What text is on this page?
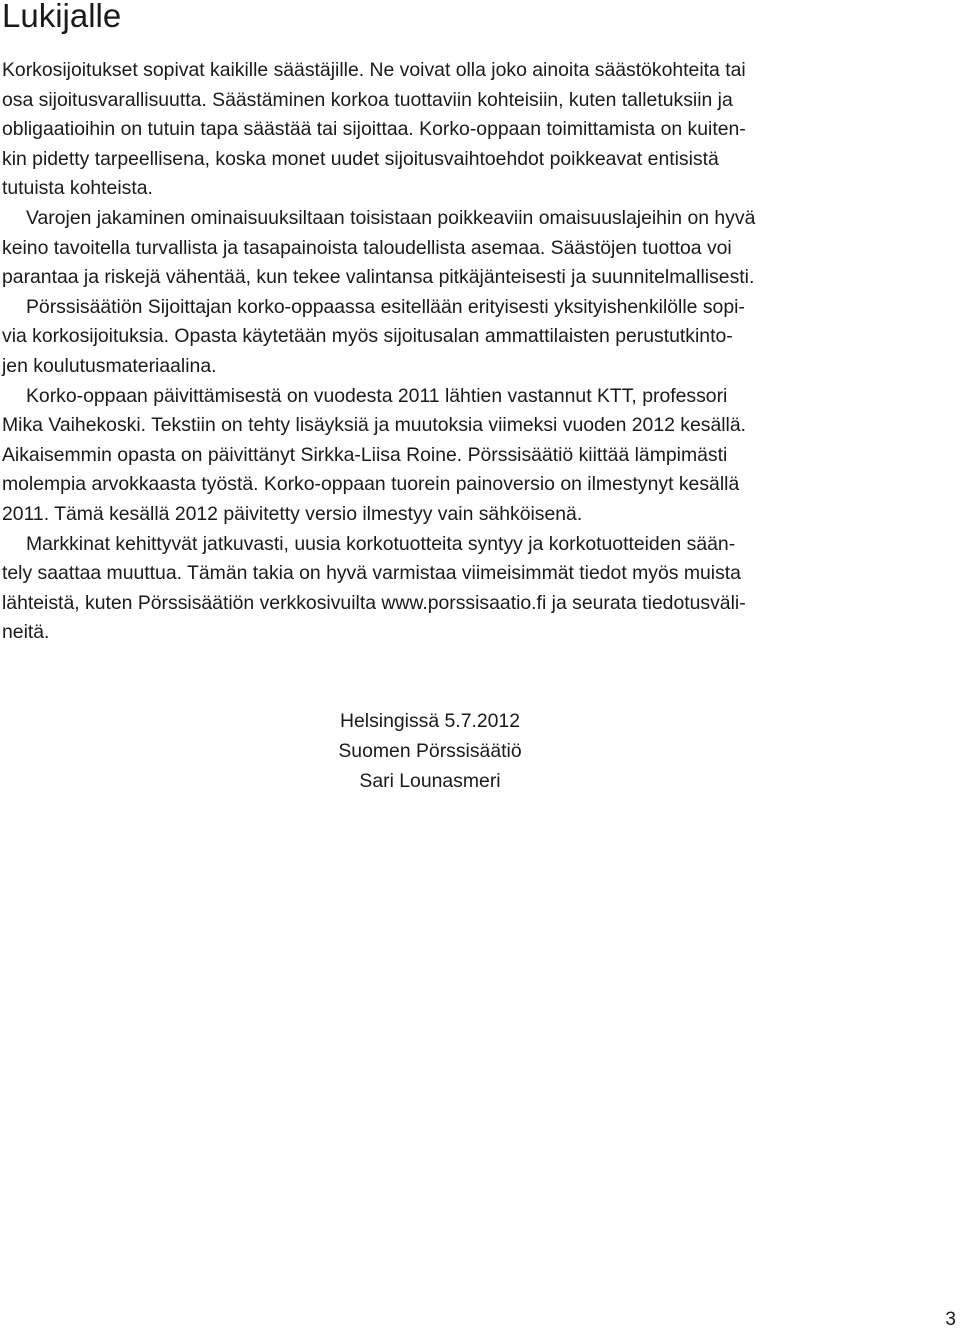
Lukijalle

Korkosijoitukset sopivat kaikille säästäjille. Ne voivat olla joko ainoita säästökohteita tai
osa sijoitusvarallisuutta. Säästäminen korkoa tuottaviin kohteisiin, kuten talletuksiin ja
obligaatioihin on tutuin tapa säästää tai sijoittaa. Korko-oppaan toimittamista on kuiten-
kin pidetty tarpeellisena, koska monet uudet sijoitusvaihtoehdot poikkeavat entisistä
tutuista kohteista.

Varojen jakaminen ominaisuuksiltaan toisistaan poikkeaviin omaisuuslajeihin on hyvä
keino tavoitella turvallista ja tasapainoista taloudellista asemaa. Säästöjen tuottoa voi
parantaa ja riskejä vähentää, kun tekee valintansa pitkäjänteisesti ja suunnitelmallisesti.

Pörssisäätiön Sijoittajan korko-oppaassa esitellään erityisesti yksityishenkilölle sopi-
via korkosijoituksia. Opasta käytetään myös sijoitusalan ammattilaisten perustutkinto-
jen koulutusmateriaalina.

Korko-oppaan päivittämisestä on vuodesta 2011 lähtien vastannut KTT, professori
Mika Vaihekoski. Tekstiin on tehty lisäyksiä ja muutoksia viimeksi vuoden 2012 kesällä.
Aikaisemmin opasta on päivittänyt Sirkka-Liisa Roine. Pörssisäätiö kiittää lämpimästi
molempia arvokkaasta työstä. Korko-oppaan tuorein painoversio on ilmestynyt kesällä
2011. Tämä kesällä 2012 päivitetty versio ilmestyy vain sähköisenä.

Markkinat kehittyvät jatkuvasti, uusia korkotuotteita syntyy ja korkotuotteiden sään-
tely saattaa muuttua. Tämän takia on hyvä varmistaa viimeisimmät tiedot myös muista
lähteistä, kuten Pörssisäätiön verkkosivuilta www.porssisaatio.fi ja seurata tiedotusväli-
neitä.

Helsingissä 5.7.2012
Suomen Pörssisäätiö
Sari Lounasmeri
3
